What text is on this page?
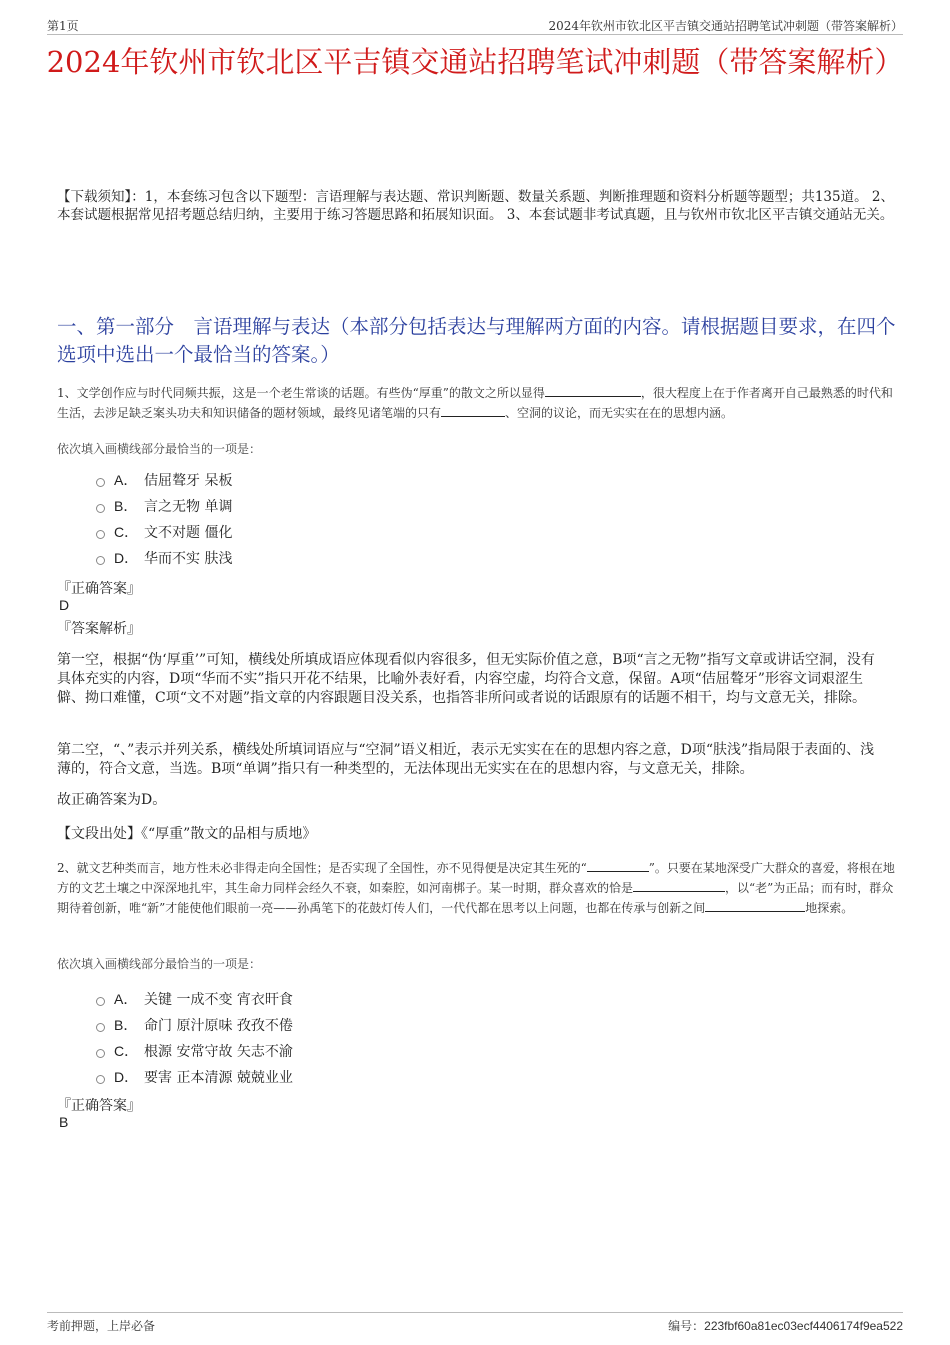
第1页	2024年钦州市钦北区平吉镇交通站招聘笔试冲刺题（带答案解析）
2024年钦州市钦北区平吉镇交通站招聘笔试冲刺题（带答案解析）
【下载须知】：1，本套练习包含以下题型：言语理解与表达题、常识判断题、数量关系题、判断推理题和资料分析题等题型；共135道。 2、本套试题根据常见招考题总结归纳，主要用于练习答题思路和拓展知识面。 3、本套试题非考试真题，且与钦州市钦北区平吉镇交通站无关。
一、第一部分　言语理解与表达（本部分包括表达与理解两方面的内容。请根据题目要求，在四个选项中选出一个最恰当的答案。）
1、文学创作应与时代同频共振，这是一个老生常谈的话题。有些伪“厚重”的散文之所以显得	，很大程度上在于作者离开自己最熟悉的时代和生活，去涉足缺乏案头功夫和知识储备的题材领域，最终见诸笔端的只有	、空洞的议论，而无实实在在的思想内涵。
依次填入画横线部分最恰当的一项是：
A． 佶屈聱牙 呆板
B． 言之无物 单调
C． 文不对题 僵化
D． 华而不实 肤浅
『正确答案』
D
『答案解析』

第一空，根据“伪‘厚重’”可知，横线处所填成语应体现看似内容很多，但无实际价值之意，B项“言之无物”指写文章或讲话空洞，没有具体充实的内容，D项“华而不实”指只开花不结果，比喻外表好看，内容空虚，均符合文意，保留。A项“佶屈聱牙”形容文词艰涩生僻、拗口难懂，C项“文不对题”指文章的内容跟题目没关系，也指答非所问或者说的话跟原有的话题不相干，均与文意无关，排除。

第二空，“、”表示并列关系，横线处所填词语应与“空洞”语义相近，表示无实实在在的思想内容之意，D项“肤浅”指局限于表面的、浅薄的，符合文意，当选。B项“单调”指只有一种类型的，无法体现出无实实在在的思想内容，与文意无关，排除。

故正确答案为D。

【文段出处】《“厚重”散文的品相与质地》

2、就文艺种类而言，地方性未必非得走向全国性；是否实现了全国性，亦不见得便是决定其生死的“	”。只要在某地深受广大群众的喜爱，将根在地方的文艺土壤之中深深地扎牢，其生命力同样会经久不衰，如秦腔，如河南梆子。某一时期，群众喜欢的恰是	，以“老”为正品；而有时，群众期待着创新，唯“新”才能使他们眼前一亮——孙禹笔下的花鼓灯传人们，一代代都在思考以上问题，也都在传承与创新之间	地探索。
依次填入画横线部分最恰当的一项是：
A． 关键 一成不变 宵衣旰食
B． 命门 原汁原味 孜孜不倦
C． 根源 安常守故 矢志不渝
D． 要害 正本清源 兢兢业业
『正确答案』
B
考前押题，上岸必备	编号：223fbf60a81ec03ecf4406174f9ea522
